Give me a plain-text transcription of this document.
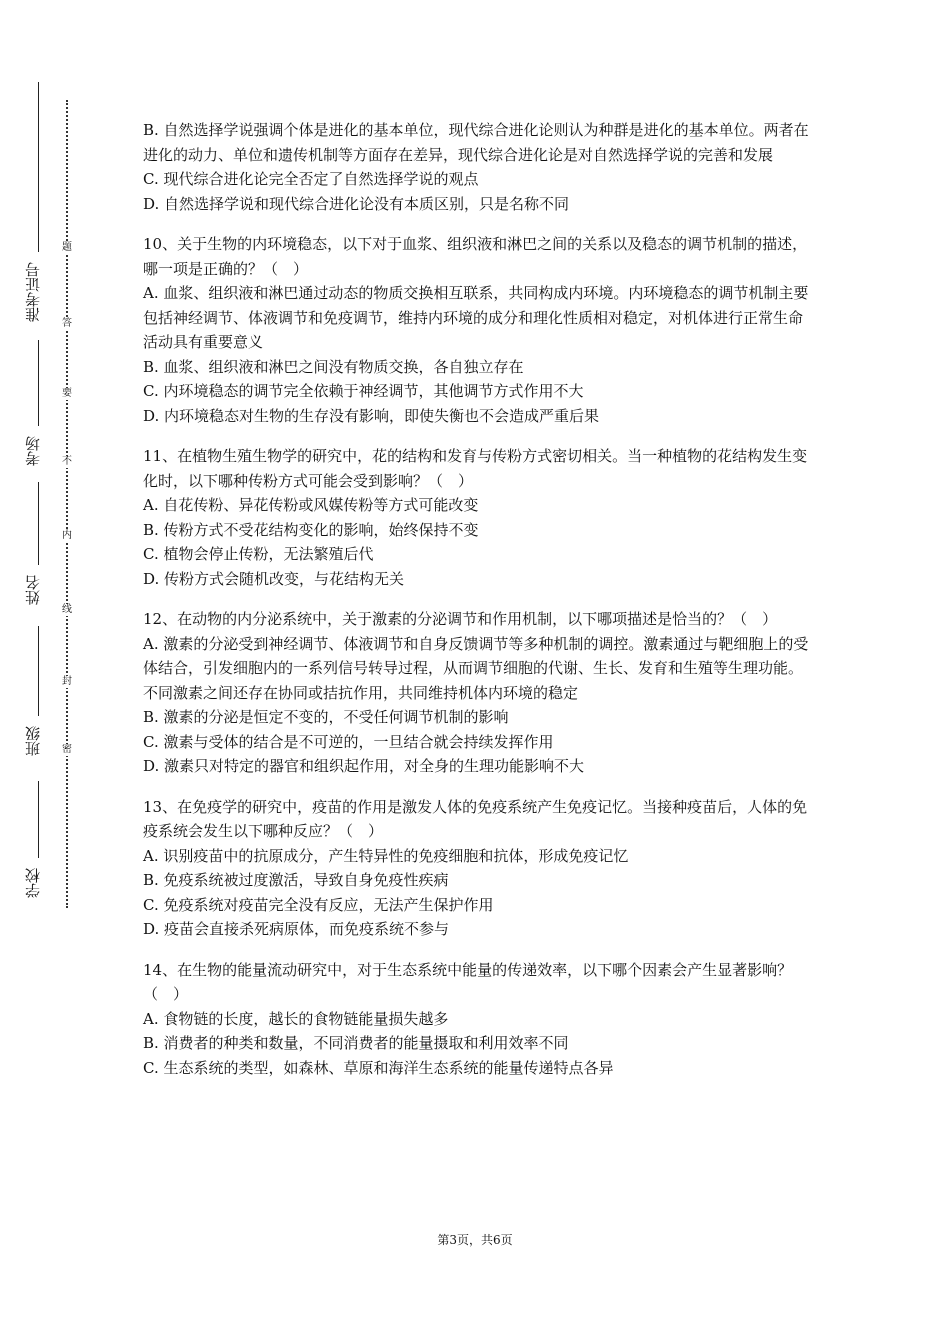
准考证号
考场
姓名
班级
学校
题
答
要
不
内
线
封
密

B. 自然选择学说强调个体是进化的基本单位，现代综合进化论则认为种群是进化的基本单位。两者在进化的动力、单位和遗传机制等方面存在差异，现代综合进化论是对自然选择学说的完善和发展

C. 现代综合进化论完全否定了自然选择学说的观点

D. 自然选择学说和现代综合进化论没有本质区别，只是名称不同

10、关于生物的内环境稳态，以下对于血浆、组织液和淋巴之间的关系以及稳态的调节机制的描述，哪一项是正确的？（　）

A. 血浆、组织液和淋巴通过动态的物质交换相互联系，共同构成内环境。内环境稳态的调节机制主要包括神经调节、体液调节和免疫调节，维持内环境的成分和理化性质相对稳定，对机体进行正常生命活动具有重要意义

B. 血浆、组织液和淋巴之间没有物质交换，各自独立存在

C. 内环境稳态的调节完全依赖于神经调节，其他调节方式作用不大

D. 内环境稳态对生物的生存没有影响，即使失衡也不会造成严重后果

11、在植物生殖生物学的研究中，花的结构和发育与传粉方式密切相关。当一种植物的花结构发生变化时，以下哪种传粉方式可能会受到影响？（　）

A. 自花传粉、异花传粉或风媒传粉等方式可能改变

B. 传粉方式不受花结构变化的影响，始终保持不变

C. 植物会停止传粉，无法繁殖后代

D. 传粉方式会随机改变，与花结构无关

12、在动物的内分泌系统中，关于激素的分泌调节和作用机制，以下哪项描述是恰当的？（　）

A. 激素的分泌受到神经调节、体液调节和自身反馈调节等多种机制的调控。激素通过与靶细胞上的受体结合，引发细胞内的一系列信号转导过程，从而调节细胞的代谢、生长、发育和生殖等生理功能。不同激素之间还存在协同或拮抗作用，共同维持机体内环境的稳定

B. 激素的分泌是恒定不变的，不受任何调节机制的影响

C. 激素与受体的结合是不可逆的，一旦结合就会持续发挥作用

D. 激素只对特定的器官和组织起作用，对全身的生理功能影响不大

13、在免疫学的研究中，疫苗的作用是激发人体的免疫系统产生免疫记忆。当接种疫苗后，人体的免疫系统会发生以下哪种反应？（　）

A. 识别疫苗中的抗原成分，产生特异性的免疫细胞和抗体，形成免疫记忆

B. 免疫系统被过度激活，导致自身免疫性疾病

C. 免疫系统对疫苗完全没有反应，无法产生保护作用

D. 疫苗会直接杀死病原体，而免疫系统不参与

14、在生物的能量流动研究中，对于生态系统中能量的传递效率，以下哪个因素会产生显著影响？（　）

A. 食物链的长度，越长的食物链能量损失越多

B. 消费者的种类和数量，不同消费者的能量摄取和利用效率不同

C. 生态系统的类型，如森林、草原和海洋生态系统的能量传递特点各异

第3页，共6页
